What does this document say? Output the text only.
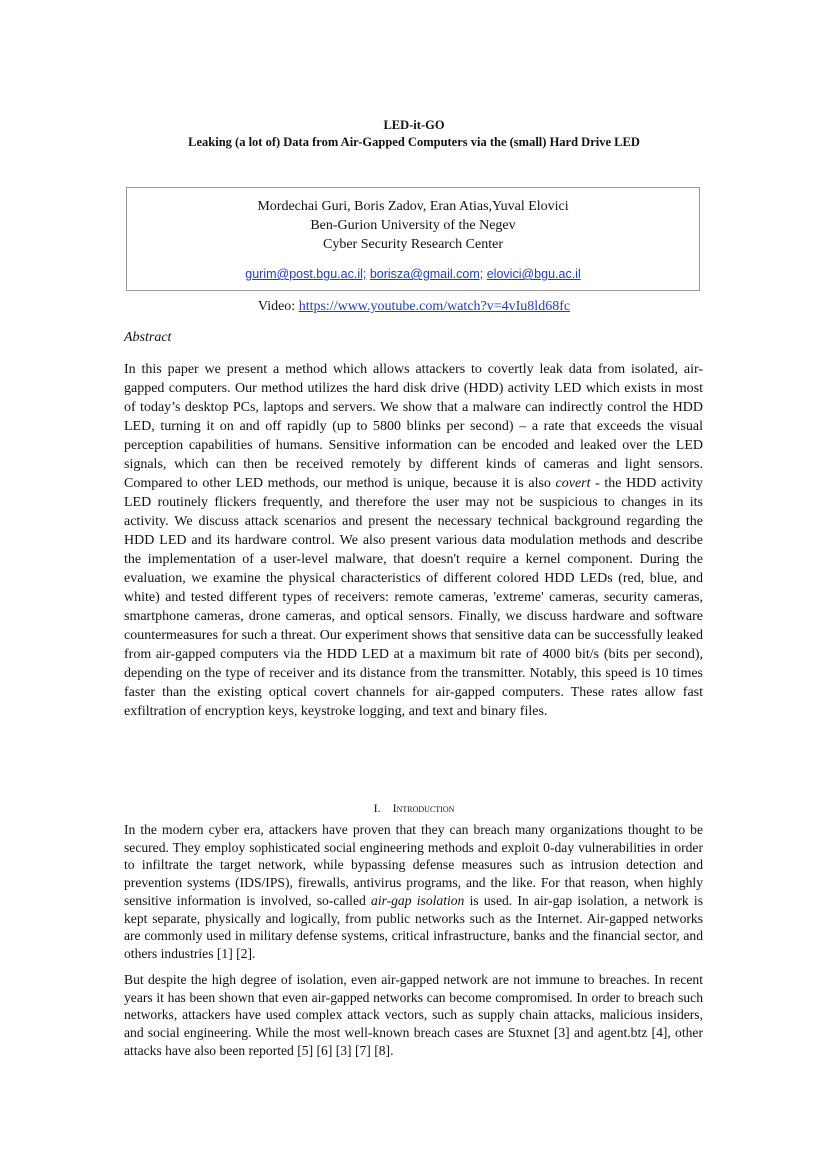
LED-it-GO
Leaking (a lot of) Data from Air-Gapped Computers via the (small) Hard Drive LED
Mordechai Guri, Boris Zadov, Eran Atias,Yuval Elovici
Ben-Gurion University of the Negev
Cyber Security Research Center
gurim@post.bgu.ac.il; borisza@gmail.com; elovici@bgu.ac.il
Video: https://www.youtube.com/watch?v=4vIu8ld68fc
Abstract

In this paper we present a method which allows attackers to covertly leak data from isolated, air-gapped computers. Our method utilizes the hard disk drive (HDD) activity LED which exists in most of today’s desktop PCs, laptops and servers. We show that a malware can indirectly control the HDD LED, turning it on and off rapidly (up to 5800 blinks per second) – a rate that exceeds the visual perception capabilities of humans. Sensitive information can be encoded and leaked over the LED signals, which can then be received remotely by different kinds of cameras and light sensors. Compared to other LED methods, our method is unique, because it is also covert - the HDD activity LED routinely flickers frequently, and therefore the user may not be suspicious to changes in its activity. We discuss attack scenarios and present the necessary technical background regarding the HDD LED and its hardware control. We also present various data modulation methods and describe the implementation of a user-level malware, that doesn't require a kernel component. During the evaluation, we examine the physical characteristics of different colored HDD LEDs (red, blue, and white) and tested different types of receivers: remote cameras, 'extreme' cameras, security cameras, smartphone cameras, drone cameras, and optical sensors. Finally, we discuss hardware and software countermeasures for such a threat. Our experiment shows that sensitive data can be successfully leaked from air-gapped computers via the HDD LED at a maximum bit rate of 4000 bit/s (bits per second), depending on the type of receiver and its distance from the transmitter. Notably, this speed is 10 times faster than the existing optical covert channels for air-gapped computers. These rates allow fast exfiltration of encryption keys, keystroke logging, and text and binary files.

I. Introduction

In the modern cyber era, attackers have proven that they can breach many organizations thought to be secured. They employ sophisticated social engineering methods and exploit 0-day vulnerabilities in order to infiltrate the target network, while bypassing defense measures such as intrusion detection and prevention systems (IDS/IPS), firewalls, antivirus programs, and the like. For that reason, when highly sensitive information is involved, so-called air-gap isolation is used. In air-gap isolation, a network is kept separate, physically and logically, from public networks such as the Internet. Air-gapped networks are commonly used in military defense systems, critical infrastructure, banks and the financial sector, and others industries [1] [2].

But despite the high degree of isolation, even air-gapped network are not immune to breaches. In recent years it has been shown that even air-gapped networks can become compromised. In order to breach such networks, attackers have used complex attack vectors, such as supply chain attacks, malicious insiders, and social engineering. While the most well-known breach cases are Stuxnet [3] and agent.btz [4], other attacks have also been reported [5] [6] [3] [7] [8].
